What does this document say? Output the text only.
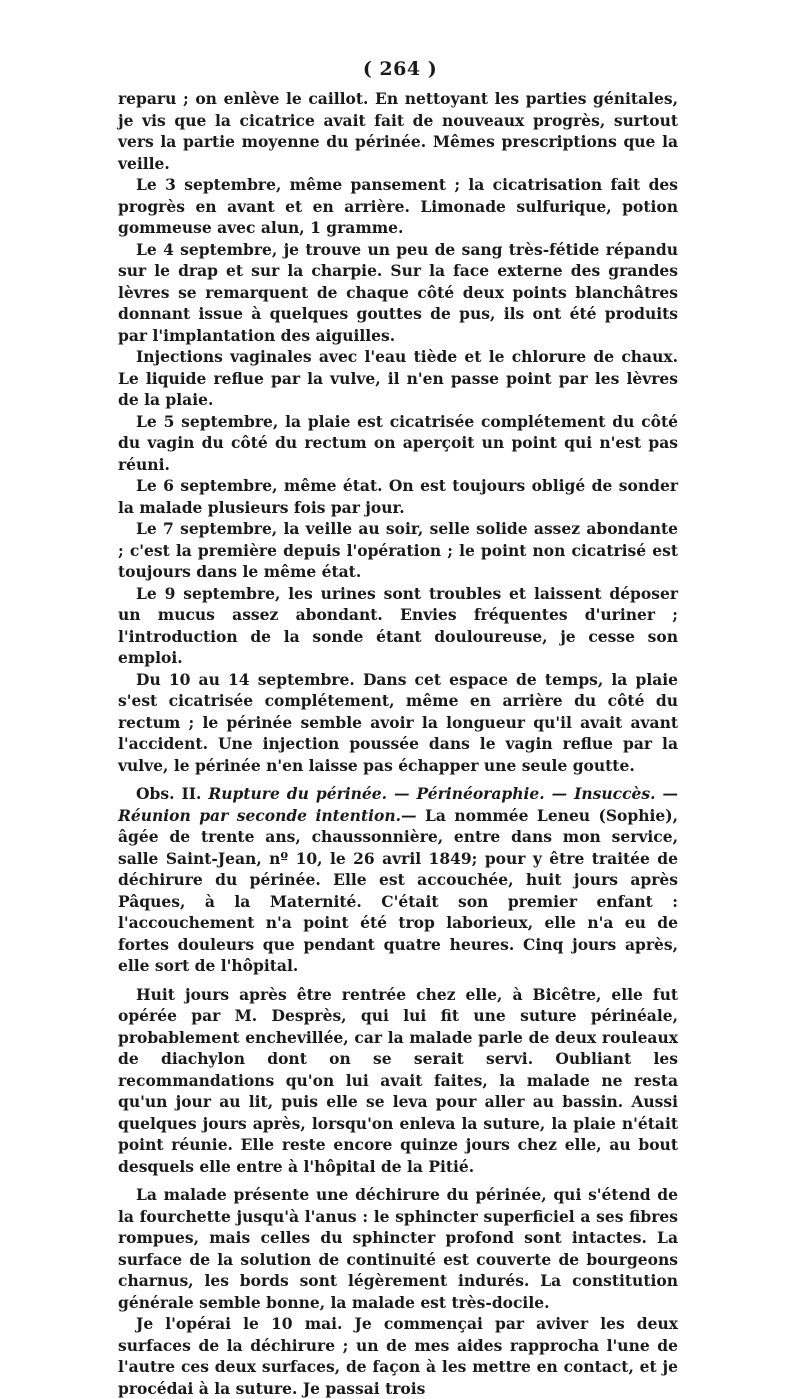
( 264 )

reparu ; on enlève le caillot. En nettoyant les parties génitales, je vis que la cicatrice avait fait de nouveaux progrès, surtout vers la partie moyenne du périnée. Mêmes prescriptions que la veille.

Le 3 septembre, même pansement ; la cicatrisation fait des progrès en avant et en arrière. Limonade sulfurique, potion gommeuse avec alun, 1 gramme.

Le 4 septembre, je trouve un peu de sang très-fétide répandu sur le drap et sur la charpie. Sur la face externe des grandes lèvres se remarquent de chaque côté deux points blanchâtres donnant issue à quelques gouttes de pus, ils ont été produits par l'implantation des aiguilles.

Injections vaginales avec l'eau tiède et le chlorure de chaux. Le liquide reflue par la vulve, il n'en passe point par les lèvres de la plaie.

Le 5 septembre, la plaie est cicatrisée complétement du côté du vagin du côté du rectum on aperçoit un point qui n'est pas réuni.

Le 6 septembre, même état. On est toujours obligé de sonder la malade plusieurs fois par jour.

Le 7 septembre, la veille au soir, selle solide assez abondante ; c'est la première depuis l'opération ; le point non cicatrisé est toujours dans le même état.

Le 9 septembre, les urines sont troubles et laissent déposer un mucus assez abondant. Envies fréquentes d'uriner ; l'introduction de la sonde étant douloureuse, je cesse son emploi.

Du 10 au 14 septembre. Dans cet espace de temps, la plaie s'est cicatrisée complétement, même en arrière du côté du rectum ; le périnée semble avoir la longueur qu'il avait avant l'accident. Une injection poussée dans le vagin reflue par la vulve, le périnée n'en laisse pas échapper une seule goutte.

Obs. II. Rupture du périnée. — Périnéoraphie. — Insuccès. — Réunion par seconde intention.— La nommée Leneu (Sophie), âgée de trente ans, chaussonnière, entre dans mon service, salle Saint-Jean, nº 10, le 26 avril 1849; pour y être traitée de déchirure du périnée. Elle est accouchée, huit jours après Pâques, à la Maternité. C'était son premier enfant : l'accouchement n'a point été trop laborieux, elle n'a eu de fortes douleurs que pendant quatre heures. Cinq jours après, elle sort de l'hôpital.

Huit jours après être rentrée chez elle, à Bicêtre, elle fut opérée par M. Desprès, qui lui fit une suture périnéale, probablement enchevillée, car la malade parle de deux rouleaux de diachylon dont on se serait servi. Oubliant les recommandations qu'on lui avait faites, la malade ne resta qu'un jour au lit, puis elle se leva pour aller au bassin. Aussi quelques jours après, lorsqu'on enleva la suture, la plaie n'était point réunie. Elle reste encore quinze jours chez elle, au bout desquels elle entre à l'hôpital de la Pitié.

La malade présente une déchirure du périnée, qui s'étend de la fourchette jusqu'à l'anus : le sphincter superficiel a ses fibres rompues, mais celles du sphincter profond sont intactes. La surface de la solution de continuité est couverte de bourgeons charnus, les bords sont légèrement indurés. La constitution générale semble bonne, la malade est très-docile.

Je l'opérai le 10 mai. Je commençai par aviver les deux surfaces de la déchirure ; un de mes aides rapprocha l'une de l'autre ces deux surfaces, de façon à les mettre en contact, et je procédai à la suture. Je passai trois
